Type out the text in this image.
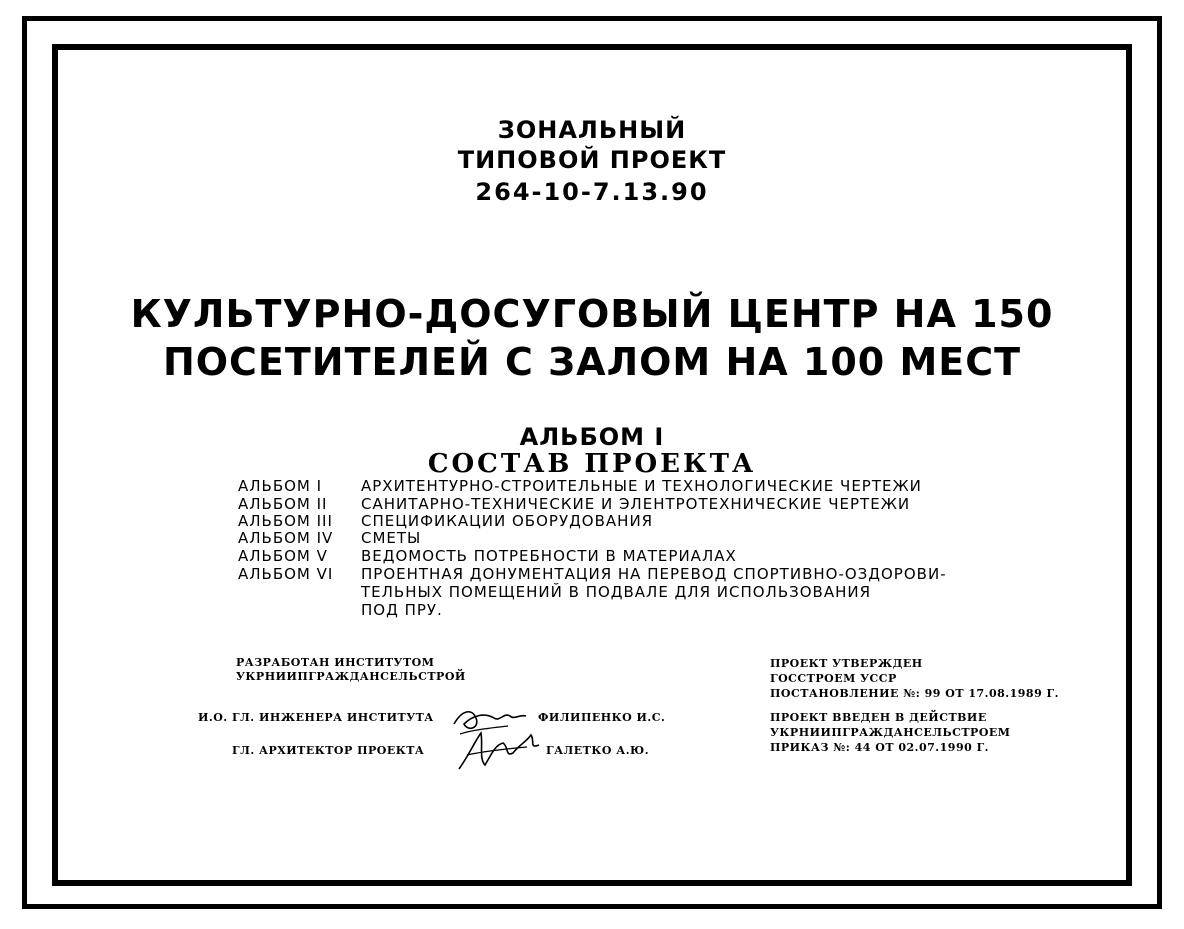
ЗОНАЛЬНЫЙ
ТИПОВОЙ ПРОЕКТ
264-10-7.13.90
КУЛЬТУРНО-ДОСУГОВЫЙ ЦЕНТР НА 150
ПОСЕТИТЕЛЕЙ С ЗАЛОМ НА 100 МЕСТ
АЛЬБОМ I
СОСТАВ ПРОЕКТА
АЛЬБОМ I	АРХИТЕНТУРНО-СТРОИТЕЛЬНЫЕ И ТЕХНОЛОГИЧЕСКИЕ ЧЕРТЕЖИ
АЛЬБОМ II САНИТАРНО-ТЕХНИЧЕСКИЕ И ЭЛЕНТРОТЕХНИЧЕСКИЕ ЧЕРТЕЖИ
АЛЬБОМ III СПЕЦИФИКАЦИИ ОБОРУДОВАНИЯ
АЛЬБОМ IV СМЕТЫ
АЛЬБОМ V ВЕДОМОСТЬ ПОТРЕБНОСТИ В МАТЕРИАЛАХ
АЛЬБОМ VI ПРОЕНТНАЯ ДОНУМЕНТАЦИЯ НА ПЕРЕВОД СПОРТИВНО-ОЗДОРОВИ-
ТЕЛЬНЫХ ПОМЕЩЕНИЙ В ПОДВАЛЕ ДЛЯ ИСПОЛЬЗОВАНИЯ
ПОД ПРУ.
РАЗРАБОТАН ИНСТИТУТОМ
УКРНИИПГРАЖДАНСЕЛЬСТРОЙ
И.О. ГЛ. ИНЖЕНЕРА ИНСТИТУТА	ФИЛИПЕНКО И.С.
ГЛ. АРХИТЕКТОР ПРОЕКТА	ГАЛЕТКО А.Ю.
ПРОЕКТ УТВЕРЖДЕН
ГОССТРОЕМ УССР
ПОСТАНОВЛЕНИЕ №: 99 ОТ 17.08.1989 Г.
ПРОЕКТ ВВЕДЕН В ДЕЙСТВИЕ
УКРНИИПГРАЖДАНСЕЛЬСТРОЕМ
ПРИКАЗ №: 44 ОТ 02.07.1990 Г.
